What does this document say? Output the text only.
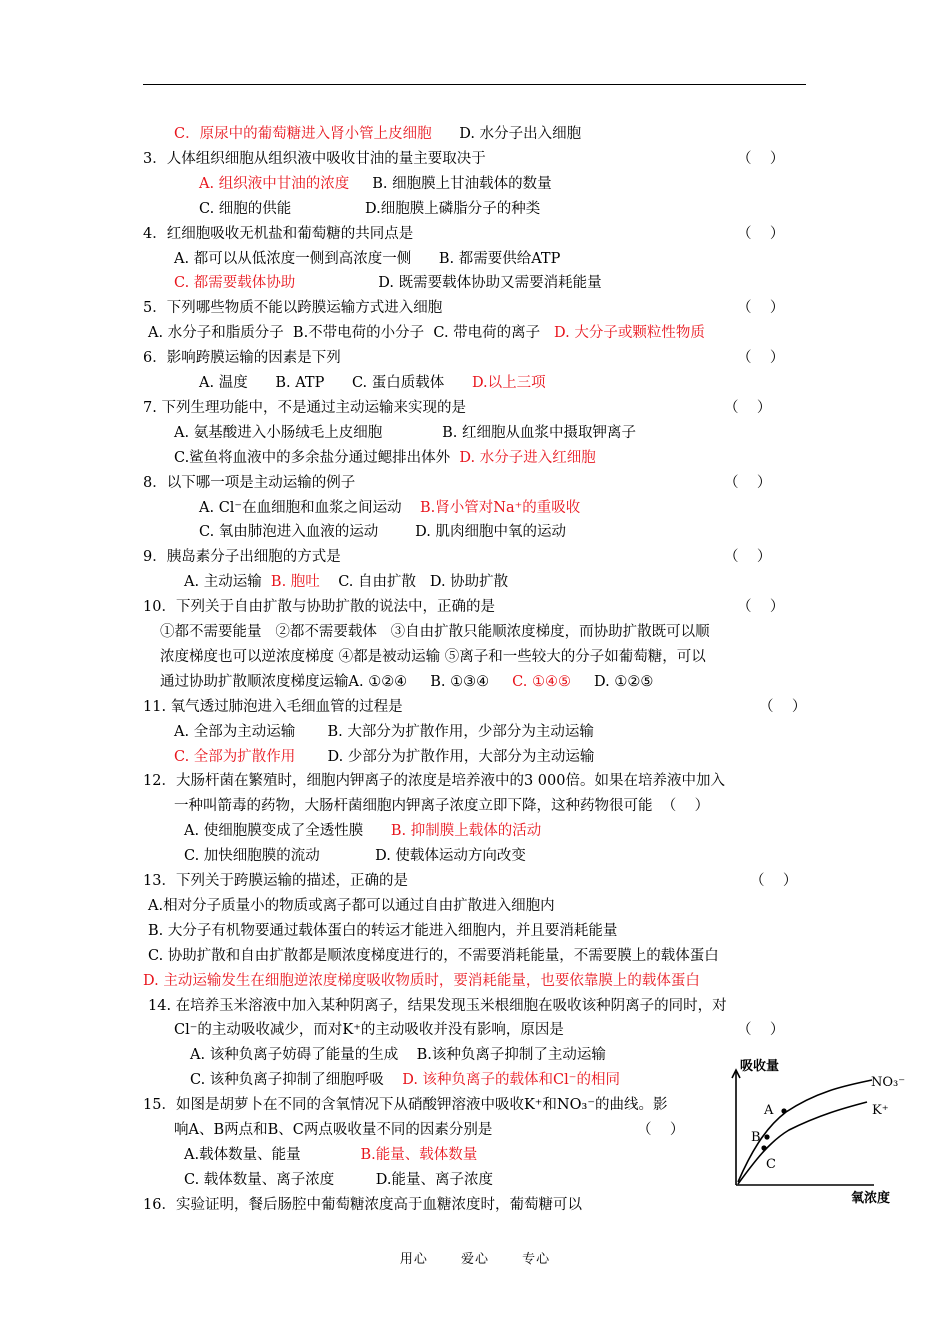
C．原尿中的葡萄糖进入肾小管上皮细胞      D. 水分子出入细胞
3．人体组织细胞从组织液中吸收甘油的量主要取决于	（    ）
A. 组织液中甘油的浓度     B. 细胞膜上甘油载体的数量
C. 细胞的供能                D.细胞膜上磷脂分子的种类
4．红细胞吸收无机盐和葡萄糖的共同点是	（    ）
A. 都可以从低浓度一侧到高浓度一侧      B. 都需要供给ATP
C. 都需要载体协助                  D. 既需要载体协助又需要消耗能量
5．下列哪些物质不能以跨膜运输方式进入细胞	（    ）
A. 水分子和脂质分子  B.不带电荷的小分子  C. 带电荷的离子   D. 大分子或颗粒性物质
6．影响跨膜运输的因素是下列	（    ）
A. 温度      B. ATP      C. 蛋白质载体      D.以上三项
7. 下列生理功能中，不是通过主动运输来实现的是	（    ）
A. 氨基酸进入小肠绒毛上皮细胞             B. 红细胞从血浆中摄取钾离子
C.鲨鱼将血液中的多余盐分通过鳃排出体外  D. 水分子进入红细胞
8．以下哪一项是主动运输的例子	（    ）
A. Cl⁻在血细胞和血浆之间运动    B.肾小管对Na⁺的重吸收
C. 氧由肺泡进入血液的运动        D. 肌肉细胞中氧的运动
9．胰岛素分子出细胞的方式是	（    ）
A. 主动运输  B. 胞吐    C. 自由扩散   D. 协助扩散
10．下列关于自由扩散与协助扩散的说法中，正确的是	（    ）
①都不需要能量   ②都不需要载体   ③自由扩散只能顺浓度梯度，而协助扩散既可以顺
浓度梯度也可以逆浓度梯度 ④都是被动运输 ⑤离子和一些较大的分子如葡萄糖，可以
通过协助扩散顺浓度梯度运输A. ①②④     B. ①③④     C. ①④⑤     D. ①②⑤
11. 氧气透过肺泡进入毛细血管的过程是	（    ）
A. 全部为主动运输       B. 大部分为扩散作用，少部分为主动运输
C. 全部为扩散作用       D. 少部分为扩散作用，大部分为主动运输
12．大肠杆菌在繁殖时，细胞内钾离子的浓度是培养液中的3 000倍。如果在培养液中加入
一种叫箭毒的药物，大肠杆菌细胞内钾离子浓度立即下降，这种药物很可能  （    ）
A. 使细胞膜变成了全透性膜      B. 抑制膜上载体的活动
C. 加快细胞膜的流动            D. 使载体运动方向改变
13．下列关于跨膜运输的描述，正确的是	（    ）
A.相对分子质量小的物质或离子都可以通过自由扩散进入细胞内
B. 大分子有机物要通过载体蛋白的转运才能进入细胞内，并且要消耗能量
C. 协助扩散和自由扩散都是顺浓度梯度进行的，不需要消耗能量，不需要膜上的载体蛋白
D. 主动运输发生在细胞逆浓度梯度吸收物质时，要消耗能量，也要依靠膜上的载体蛋白
14. 在培养玉米溶液中加入某种阴离子，结果发现玉米根细胞在吸收该种阴离子的同时，对
Cl⁻的主动吸收减少，而对K⁺的主动吸收并没有影响，原因是	（    ）
A. 该种负离子妨碍了能量的生成    B.该种负离子抑制了主动运输
C. 该种负离子抑制了细胞呼吸    D. 该种负离子的载体和Cl⁻的相同
15．如图是胡萝卜在不同的含氧情况下从硝酸钾溶液中吸收K⁺和NO₃⁻的曲线。影
响A、B两点和B、C两点吸收量不同的因素分别是	（    ）
A.载体数量、能量             B.能量、载体数量
C. 载体数量、离子浓度         D.能量、离子浓度
16．实验证明，餐后肠腔中葡萄糖浓度高于血糖浓度时，葡萄糖可以
吸收量
氧浓度
NO₃⁻
K⁺
A
B
C
用心	爱心	专心
